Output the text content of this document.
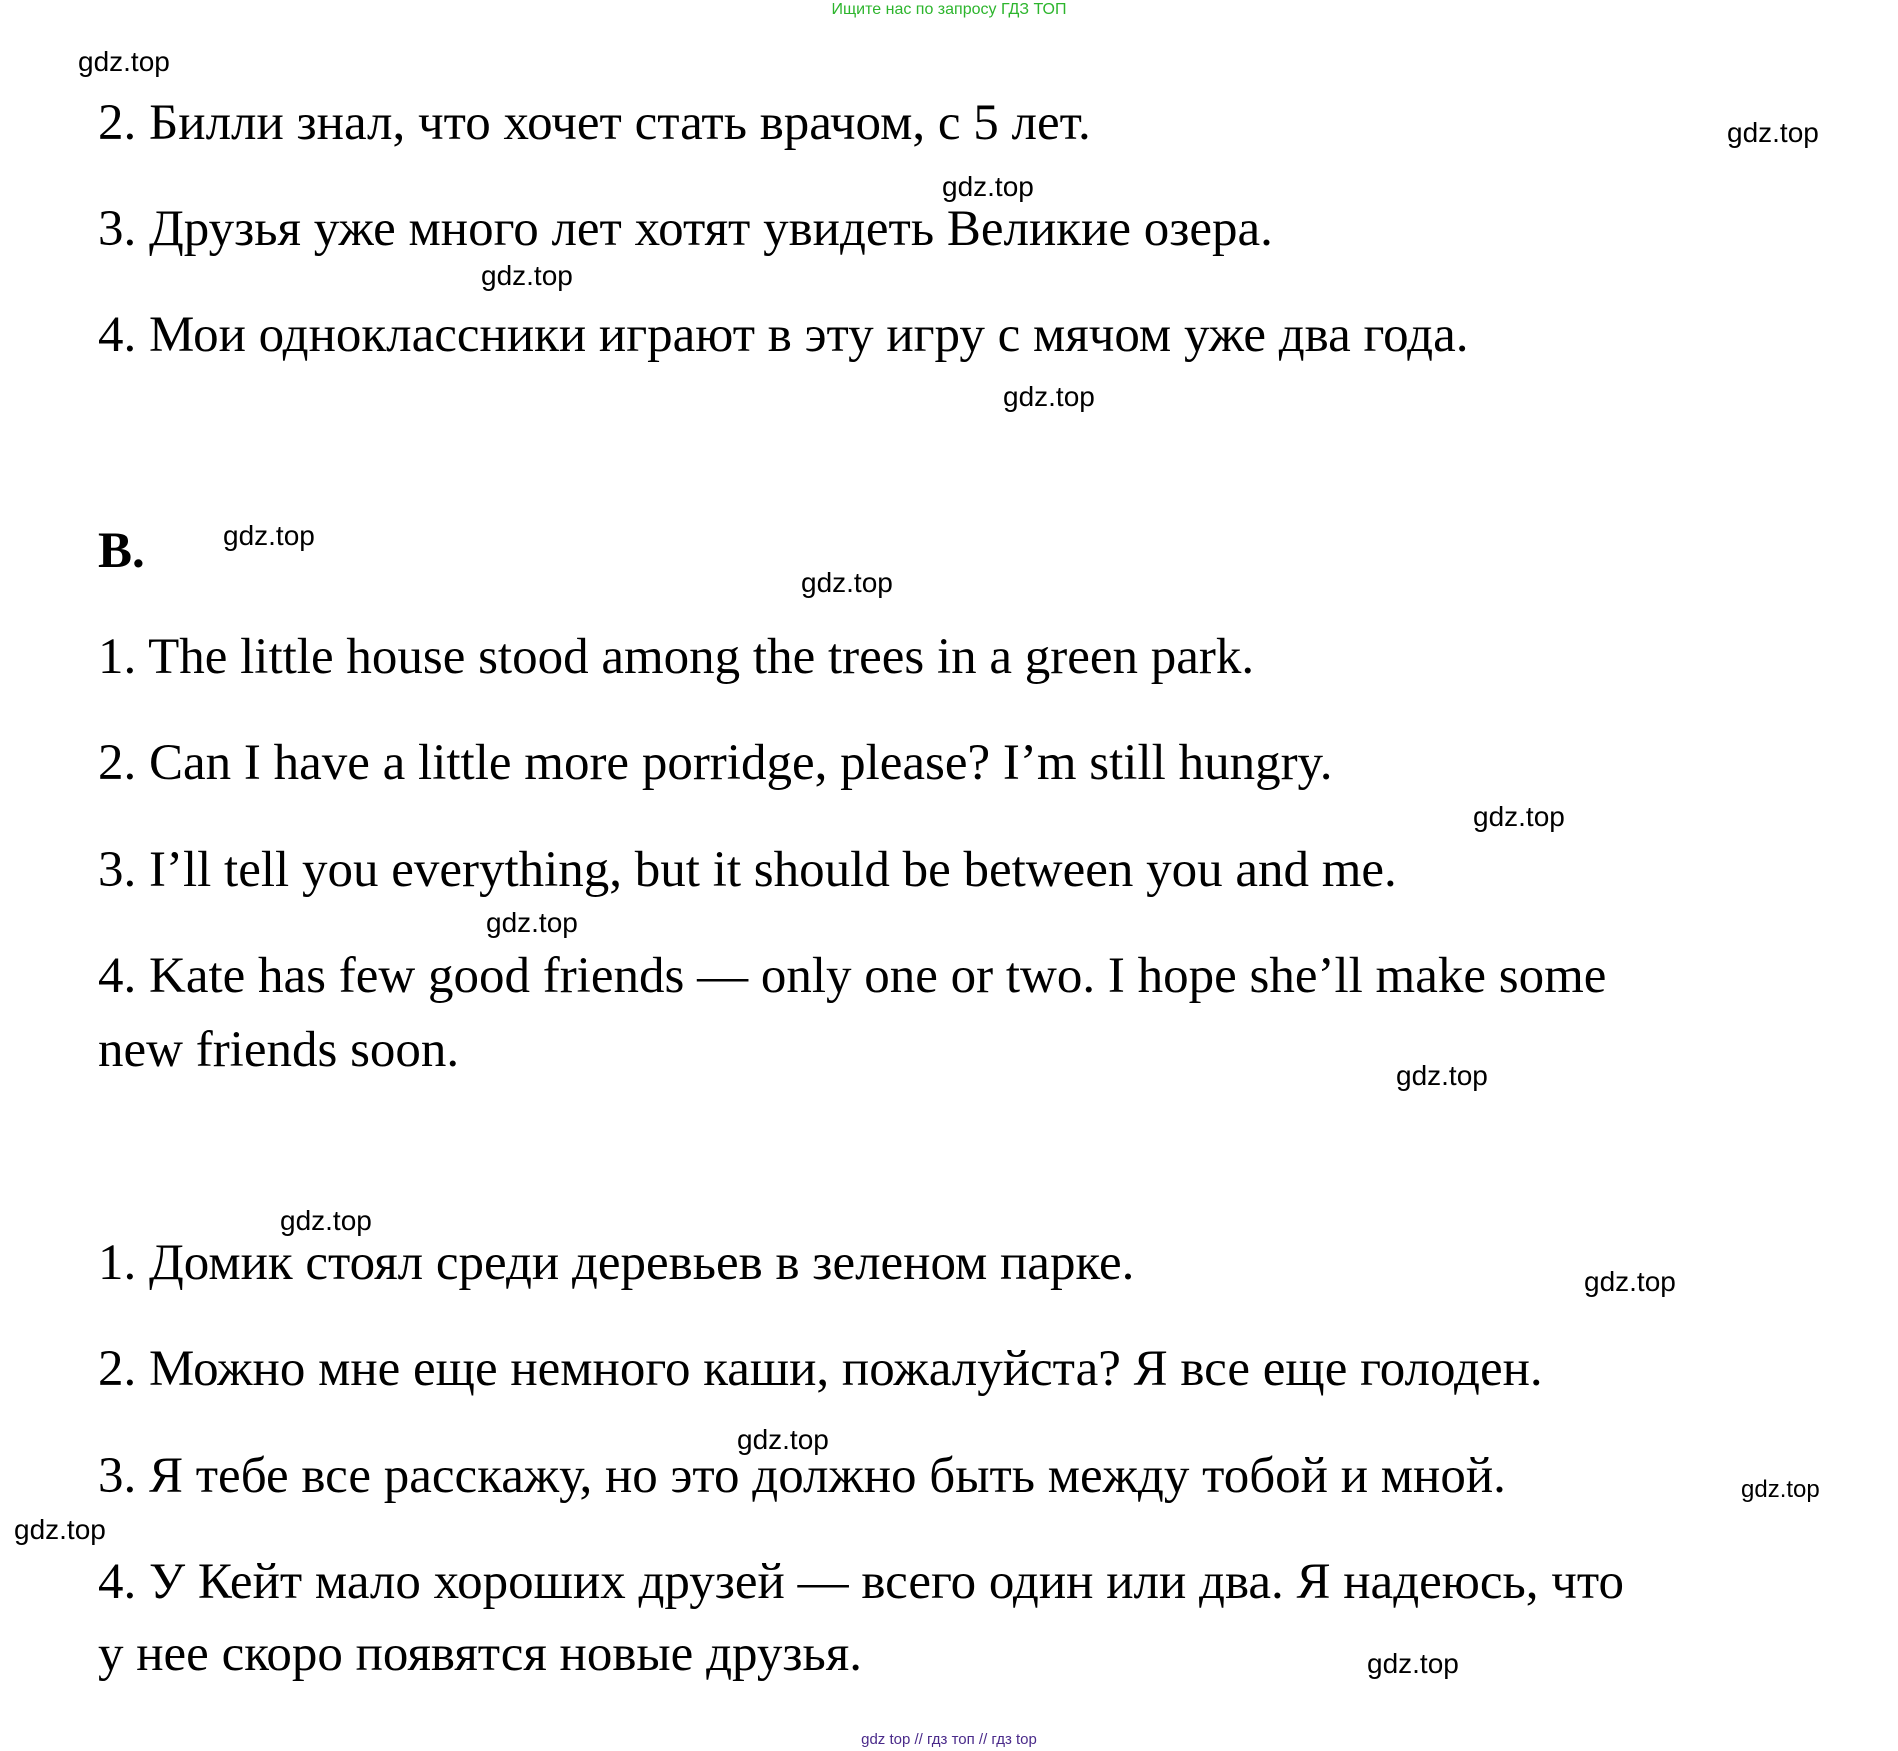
Ищите нас по запросу ГДЗ ТОП
2. Билли знал, что хочет стать врачом, с 5 лет.
3. Друзья уже много лет хотят увидеть Великие озера.
4. Мои одноклассники играют в эту игру с мячом уже два года.
B.
1. The little house stood among the trees in a green park.
2. Can I have a little more porridge, please? I’m still hungry.
3. I’ll tell you everything, but it should be between you and me.
4. Kate has few good friends — only one or two. I hope she’ll make some
new friends soon.
1. Домик стоял среди деревьев в зеленом парке.
2. Можно мне еще немного каши, пожалуйста? Я все еще голоден.
3. Я тебе все расскажу, но это должно быть между тобой и мной.
4. У Кейт мало хороших друзей — всего один или два. Я надеюсь, что
у нее скоро появятся новые друзья.
gdz.top
gdz.top
gdz.top
gdz.top
gdz.top
gdz.top
gdz.top
gdz.top
gdz.top
gdz.top
gdz.top
gdz.top
gdz.top
gdz.top
gdz.top
gdz.top
gdz top // гдз топ // гдз top
